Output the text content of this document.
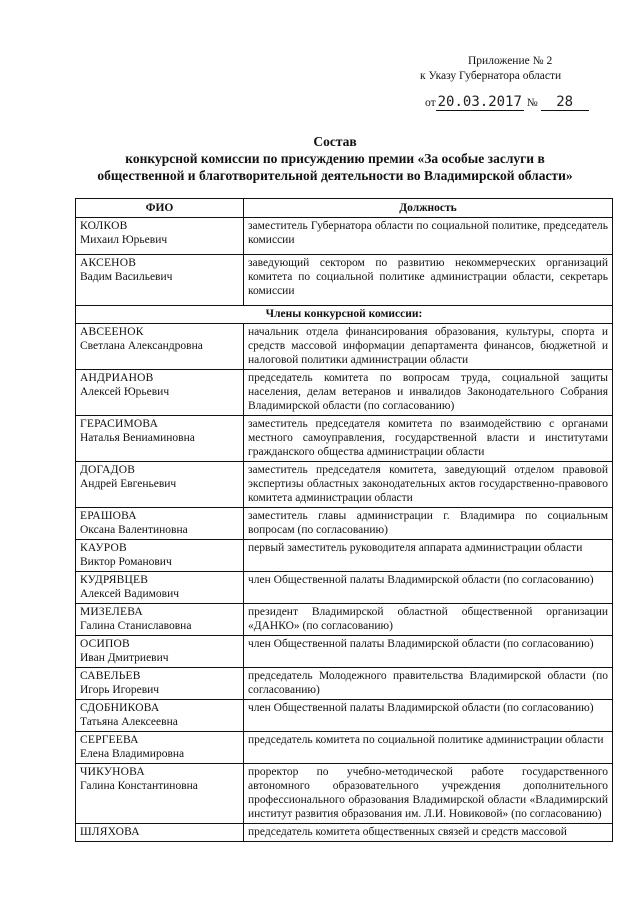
Приложение № 2
к Указу Губернатора области
от 20.03.2017 № 28
Состав
конкурсной комиссии по присуждению премии «За особые заслуги в
общественной и благотворительной деятельности во Владимирской области»
ФИО	Должность

КОЛКОВ
Михаил Юрьевич	заместитель Губернатора области по социальной политике, председатель комиссии

АКСЕНОВ
Вадим Васильевич	заведующий сектором по развитию некоммерческих организаций комитета по социальной политике администрации области, секретарь комиссии
Члены конкурсной комиссии:	

АВСЕЕНОК
Светлана Александровна	начальник отдела финансирования образования, культуры, спорта и средств массовой информации департамента финансов, бюджетной и налоговой политики администрации области

АНДРИАНОВ
Алексей Юрьевич	председатель комитета по вопросам труда, социальной защиты населения, делам ветеранов и инвалидов Законодательного Собрания Владимирской области (по согласованию)

ГЕРАСИМОВА
Наталья Вениаминовна	заместитель председателя комитета по взаимодействию с органами местного самоуправления, государственной власти и институтами гражданского общества администрации области

ДОГАДОВ
Андрей Евгеньевич	заместитель председателя комитета, заведующий отделом правовой экспертизы областных законодательных актов государственно-правового комитета администрации области

ЕРАШОВА
Оксана Валентиновна	заместитель главы администрации г. Владимира по социальным вопросам (по согласованию)

КАУРОВ
Виктор Романович	первый заместитель руководителя аппарата администрации области

КУДРЯВЦЕВ
Алексей Вадимович	член Общественной палаты Владимирской области (по согласованию)

МИЗЕЛЕВА
Галина Станиславовна	президент Владимирской областной общественной организации «ДАНКО» (по согласованию)

ОСИПОВ
Иван Дмитриевич	член Общественной палаты Владимирской области (по согласованию)

САВЕЛЬЕВ
Игорь Игоревич	председатель Молодежного правительства Владимирской области (по согласованию)

СДОБНИКОВА
Татьяна Алексеевна	член Общественной палаты Владимирской области (по согласованию)

СЕРГЕЕВА
Елена Владимировна	председатель комитета по социальной политике администрации области

ЧИКУНОВА
Галина Константиновна	проректор по учебно-методической работе государственного автономного образовательного учреждения дополнительного профессионального образования Владимирской области «Владимирский институт развития образования им. Л.И. Новиковой» (по согласованию)

ШЛЯХОВА	председатель комитета общественных связей и средств массовой
